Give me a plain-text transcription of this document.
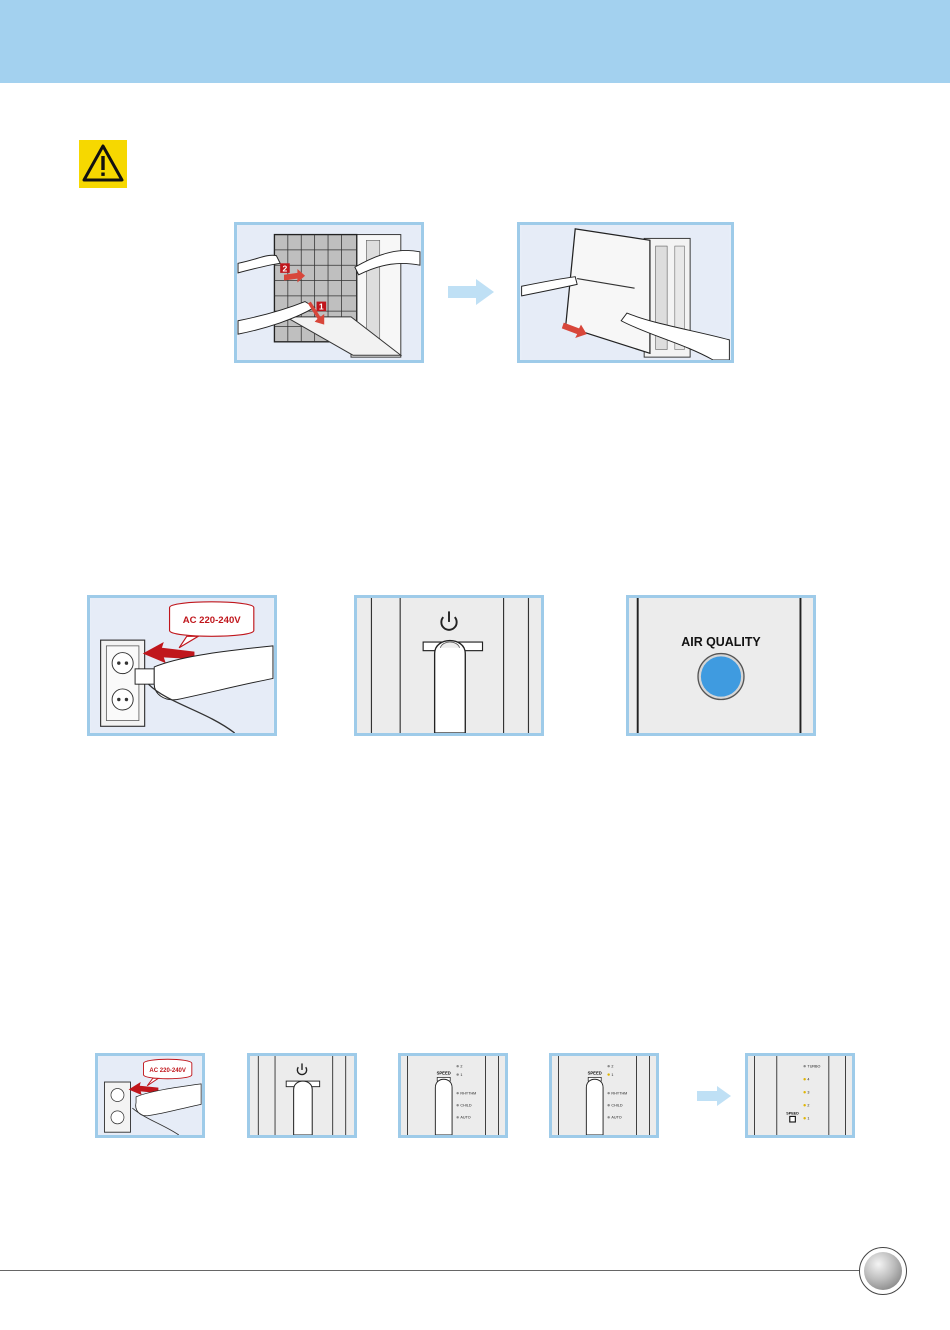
2
1
AC 220-240V
AIR QUALITY
AC 220-240V	SPEED
2
1
RHYTHM
CHILD
AUTO
SPEED
2
1
RHYTHM
CHILD
AUTO
TURBO
4
3
2
1
SPEED
